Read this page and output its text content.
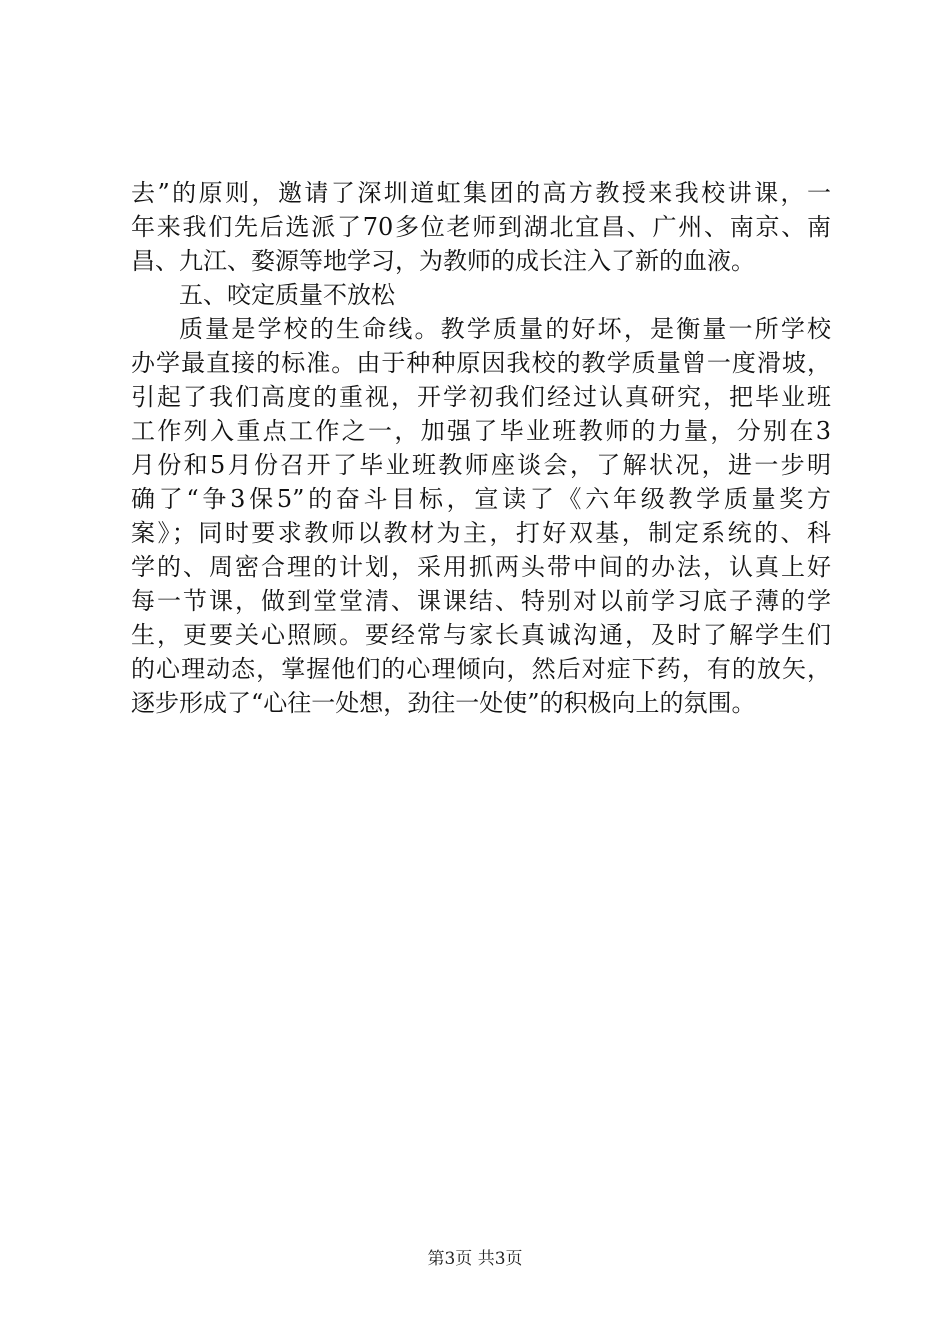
去”的原则，邀请了深圳道虹集团的高方教授来我校讲课，一
年来我们先后选派了70多位老师到湖北宜昌、广州、南京、南
昌、九江、婺源等地学习，为教师的成长注入了新的血液。
五、咬定质量不放松
质量是学校的生命线。教学质量的好坏，是衡量一所学校
办学最直接的标准。由于种种原因我校的教学质量曾一度滑坡，
引起了我们高度的重视，开学初我们经过认真研究，把毕业班
工作列入重点工作之一，加强了毕业班教师的力量，分别在3
月份和5月份召开了毕业班教师座谈会，了解状况，进一步明
确了“争3保5”的奋斗目标，宣读了《六年级教学质量奖方
案》；同时要求教师以教材为主，打好双基，制定系统的、科
学的、周密合理的计划，采用抓两头带中间的办法，认真上好
每一节课，做到堂堂清、课课结、特别对以前学习底子薄的学
生，更要关心照顾。要经常与家长真诚沟通，及时了解学生们
的心理动态，掌握他们的心理倾向，然后对症下药，有的放矢，
逐步形成了“心往一处想，劲往一处使”的积极向上的氛围。
第3页 共3页
